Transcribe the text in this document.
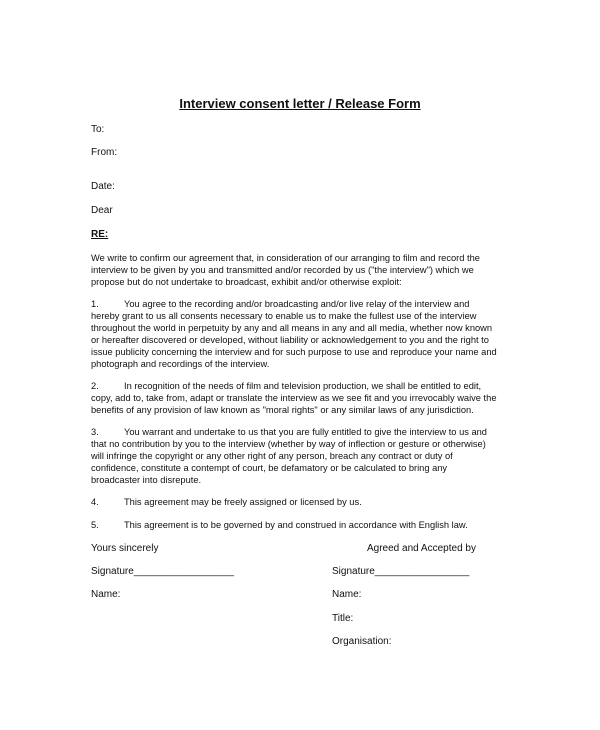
Interview consent letter / Release Form
To:
From:
Date:
Dear
RE:
We write to confirm our agreement that, in consideration of our arranging to film and record the
interview to be given by you and transmitted and/or recorded by us ("the interview") which we
propose but do not undertake to broadcast, exhibit and/or otherwise exploit:
1.	You agree to the recording and/or broadcasting and/or live relay of the interview and
hereby grant to us all consents necessary to enable us to make the fullest use of the interview
throughout the world in perpetuity by any and all means in any and all media, whether now known
or hereafter discovered or developed, without liability or acknowledgement to you and the right to
issue publicity concerning the interview and for such purpose to use and reproduce your name and
photograph and recordings of the interview.
2.	In recognition of the needs of film and television production, we shall be entitled to edit,
copy, add to, take from, adapt or translate the interview as we see fit and you irrevocably waive the
benefits of any provision of law known as "moral rights" or any similar laws of any jurisdiction.
3.	You warrant and undertake to us that you are fully entitled to give the interview to us and
that no contribution by you to the interview (whether by way of inflection or gesture or otherwise)
will infringe the copyright or any other right of any person, breach any contract or duty of
confidence, constitute a contempt of court, be defamatory or be calculated to bring any
broadcaster into disrepute.
4.	This agreement may be freely assigned or licensed by us.
5.	This agreement is to be governed by and construed in accordance with English law.
Yours sincerely
Signature__________________
Name:
Agreed and Accepted by
Signature_________________
Name:
Title:
Organisation:
